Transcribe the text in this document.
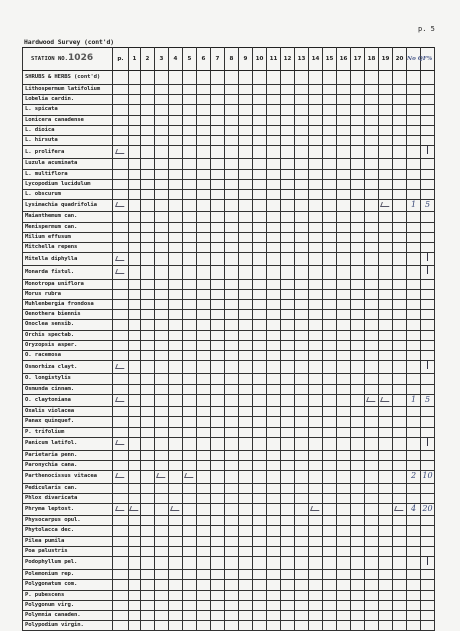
p. 5
Hardwood Survey (cont'd)
STATION NO.1026	p.	1	2	3	4	5	6	7	8	9	10	11	12	13	14	15	16	17	18	19	20	No Q	F%
SHRUBS & HERBS (cont'd)																							
Lithospermum latifolium																							
Lobelia cardin.																							
L. spicata																							
Lonicera canadense																							
L. dioica																							
L. hirsuta																							
L. prolifera																							
Luzula acuminata																							
L. multiflora																							
Lycopodium lucidulum																							
L. obscurum																							
Lysimachia quadrifolia																						1	5
Maianthemum can.																							
Menispermum can.																							
Milium effusum																							
Mitchella repens																							
Mitella diphylla																							
Monarda fistul.																							
Monotropa uniflora																							
Morus rubra																							
Muhlenbergia frondosa																							
Oenothera biennis																							
Onoclea sensib.																							
Orchis spectab.																							
Oryzopsis asper.																							
O. racemosa																							
Osmorhiza clayt.																							
O. longistylis																							
Osmunda cinnam.																							
O. claytoniana																						1	5
Oxalis violacea																							
Panax quinquef.																							
P. trifolium																							
Panicum latifol.																							
Parietaria penn.																							
Paronychia cana.																							
Parthenocissus vitacea																						2	10
Pedicularis can.																							
Phlox divaricata																							
Phryma leptost.																						4	20
Physocarpus opul.																							
Phytolacca dec.																							
Pilea pumila																							
Poa palustris																							
Podophyllum pel.																							
Polemonium rep.																							
Polygonatum com.																							
P. pubescens																							
Polygonum virg.																							
Polymnia canaden.																							
Polypodium virgin.																							
